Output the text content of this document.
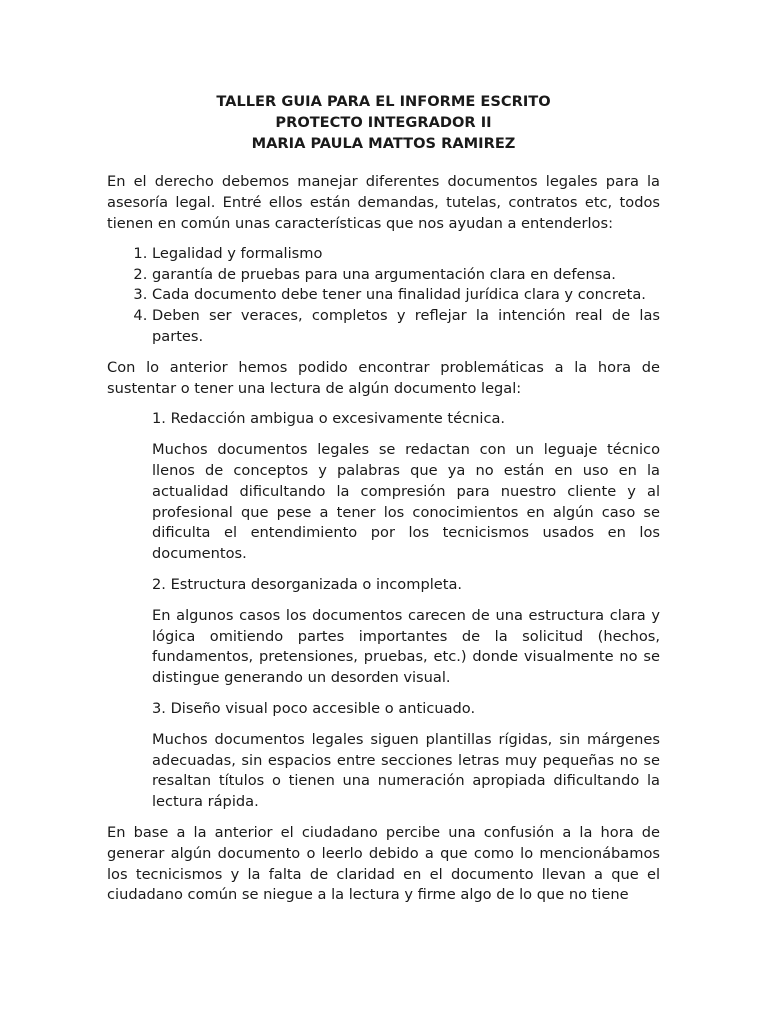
TALLER GUIA PARA EL INFORME ESCRITO
PROTECTO INTEGRADOR II
MARIA PAULA MATTOS RAMIREZ

En el derecho debemos manejar diferentes documentos legales para la asesoría legal. Entré ellos están demandas, tutelas, contratos etc, todos tienen en común unas características que nos ayudan a entenderlos:

1. Legalidad y formalismo
2. garantía de pruebas para una argumentación clara en defensa.
3. Cada documento debe tener una finalidad jurídica clara y concreta.
4. Deben ser veraces, completos y reflejar la intención real de las partes.

Con lo anterior hemos podido encontrar problemáticas a la hora de sustentar o tener una lectura de algún documento legal:

1. Redacción ambigua o excesivamente técnica.

Muchos documentos legales se redactan con un leguaje técnico llenos de conceptos y palabras que ya no están en uso en la actualidad dificultando la compresión para nuestro cliente y al profesional que pese a tener los conocimientos en algún caso se dificulta el entendimiento por los tecnicismos usados en los documentos.

2. Estructura desorganizada o incompleta.

En algunos casos los documentos carecen de una estructura clara y lógica omitiendo partes importantes de la solicitud (hechos, fundamentos, pretensiones, pruebas, etc.) donde visualmente no se distingue generando un desorden visual.

3. Diseño visual poco accesible o anticuado.

Muchos documentos legales siguen plantillas rígidas, sin márgenes adecuadas, sin espacios entre secciones letras muy pequeñas no se resaltan títulos o tienen una numeración apropiada dificultando la lectura rápida.

En base a la anterior el ciudadano percibe una confusión a la hora de generar algún documento o leerlo debido a que como lo mencionábamos los tecnicismos y la falta de claridad en el documento llevan a que el ciudadano común se niegue a la lectura y firme algo de lo que no tiene
